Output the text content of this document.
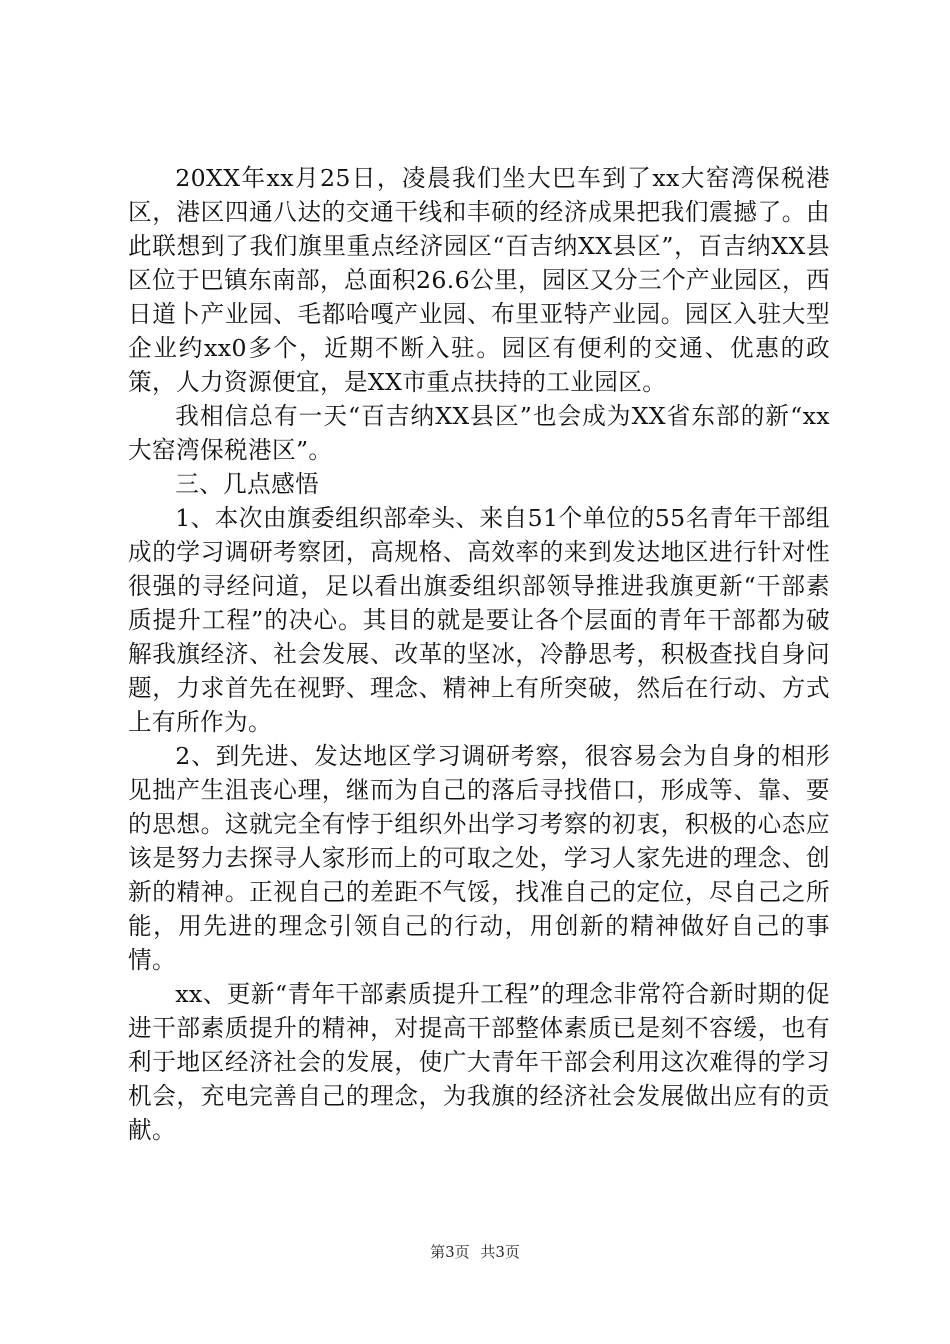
20XX年xx月25日，凌晨我们坐大巴车到了xx大窑湾保税港区，港区四通八达的交通干线和丰硕的经济成果把我们震撼了。由此联想到了我们旗里重点经济园区“百吉纳XX县区”，百吉纳XX县区位于巴镇东南部，总面积26.6公里，园区又分三个产业园区，西日道卜产业园、毛都哈嘎产业园、布里亚特产业园。园区入驻大型企业约xx0多个，近期不断入驻。园区有便利的交通、优惠的政策，人力资源便宜，是XX市重点扶持的工业园区。

我相信总有一天“百吉纳XX县区”也会成为XX省东部的新“xx大窑湾保税港区”。

三、几点感悟

1、本次由旗委组织部牵头、来自51个单位的55名青年干部组成的学习调研考察团，高规格、高效率的来到发达地区进行针对性很强的寻经问道，足以看出旗委组织部领导推进我旗更新“干部素质提升工程”的决心。其目的就是要让各个层面的青年干部都为破解我旗经济、社会发展、改革的坚冰，冷静思考，积极查找自身问题，力求首先在视野、理念、精神上有所突破，然后在行动、方式上有所作为。

2、到先进、发达地区学习调研考察，很容易会为自身的相形见拙产生沮丧心理，继而为自己的落后寻找借口，形成等、靠、要的思想。这就完全有悖于组织外出学习考察的初衷，积极的心态应该是努力去探寻人家形而上的可取之处，学习人家先进的理念、创新的精神。正视自己的差距不气馁，找准自己的定位，尽自己之所能，用先进的理念引领自己的行动，用创新的精神做好自己的事情。

xx、更新“青年干部素质提升工程”的理念非常符合新时期的促进干部素质提升的精神，对提高干部整体素质已是刻不容缓，也有利于地区经济社会的发展，使广大青年干部会利用这次难得的学习机会，充电完善自己的理念，为我旗的经济社会发展做出应有的贡献。

第3页 共3页
